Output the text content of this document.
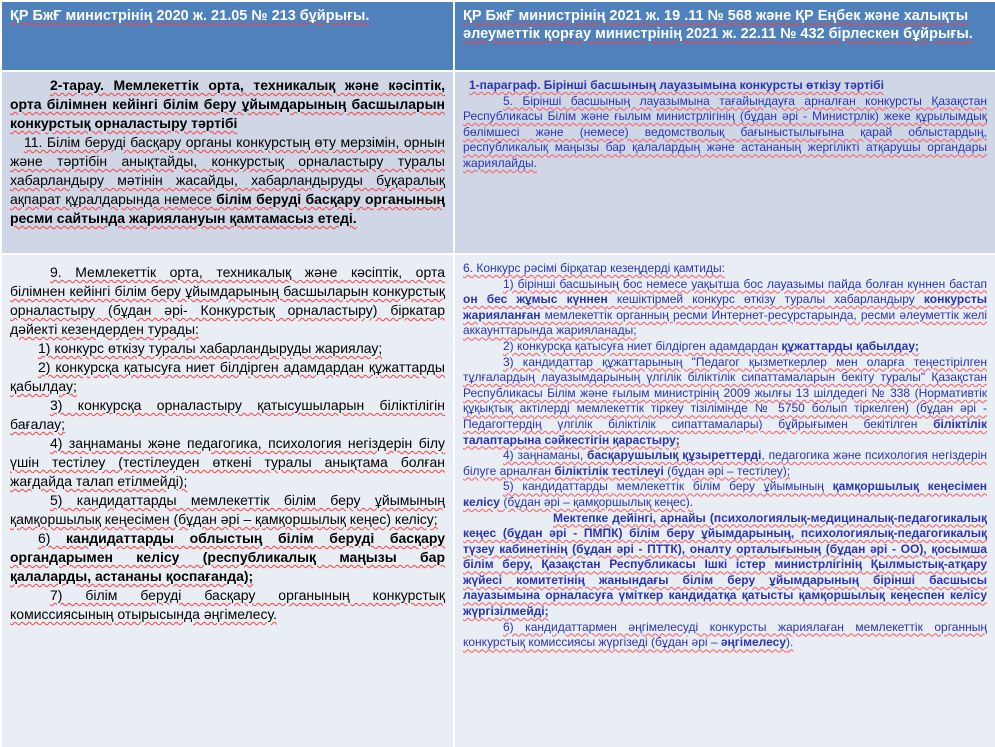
ҚР БжҒ министрінің 2020 ж. 21.05 № 213 бұйрығы.	ҚР БжҒ министрінің 2021 ж. 19 .11 № 568 және ҚР Еңбек және халықты әлеуметтік қорғау министрінің 2021 ж. 22.11 № 432 бірлескен бұйрығы.

2-тарау. Мемлекеттік орта, техникалық және кәсіптік, орта білімнен кейінгі білім беру ұйымдарының басшыларын конкурстық орналастыру тәртібі

11. Білім беруді басқару органы конкурстың өту мерзімін, орнын және тәртібін анықтайды, конкурстық орналастыру туралы хабарландыру мәтінін жасайды, хабарландыруды бұқаралық ақпарат құралдарында немесе білім беруді басқару органының ресми сайтында жариялануын қамтамасыз етеді.

1-параграф. Бірінші басшының лауазымына конкурсты өткізу тәртібі

5. Бірінші басшының лауазымына тағайындауға арналған конкурсты Қазақстан Республикасы Білім және ғылым министрлігінің (бұдан әрі - Министрлік) жеке құрылымдық бөлімшесі және (немесе) ведомстволық бағыныстылығына қарай облыстардың, республикалық маңызы бар қалалардың және астананың жергілікті атқарушы органдары жариялайды.

9. Мемлекеттік орта, техникалық және кәсіптік, орта білімнен кейінгі білім беру ұйымдарының басшыларын конкурстық орналастыру (бұдан әрі- Конкурстық орналастыру) біркатар дәйекті кезендерден турады:

1) конкурс өткізу туралы хабарландыруды жариялау;

2) конкурсқа қатысуға ниет білдірген адамдардан құжаттарды қабылдау;

3) конкурсқа орналастыру қатысушыларын біліктілігін бағалау;

4) заңнаманы және педагогика, психология негіздерін білу үшін тестілеу (тестілеуден өткені туралы анықтама болған жағдайда талап етілмейді);

5) кандидаттарды мемлекеттік білім беру ұйымының қамқоршылық кеңесімен (бұдан әрі – қамқоршылық кеңес) келісу;

6) кандидаттарды облыстың білім беруді басқару органдарымен келісу (республикалық маңызы бар қалаларды, астананы қоспағанда);

7) білім беруді басқару органының конкурстық комиссиясының отырысында әңгімелесу.

6. Конкурс рәсімі бірқатар кезеңдерді қамтиды:

1) бірінші басшының бос немесе уақытша бос лауазымы пайда болған күннен бастап он бес жұмыс күннен кешіктірмей конкурс өткізу туралы хабарландыру конкурсты жарияланған мемлекеттік органның ресми Интернет-ресурстарында, ресми әлеуметтік желі аккаунттарында жарияланады;

2) конкурсқа қатысуға ниет білдірген адамдардан құжаттарды қабылдау;

3) кандидаттар құжаттарының "Педагог қызметкерлер мен оларға теңестірілген тұлғалардың лауазымдарының үлгілік біліктілік сипаттамаларын бекіту туралы" Қазақстан Республикасы Білім және ғылым министрінің 2009 жылғы 13 шілдедегі № 338 (Нормативтік құқықтық актілерді мемлекеттік тіркеу тізілімінде № 5750 болып тіркелген) (бұдан әрі - Педагогтердің үлгілік біліктілік сипаттамалары) бұйрығымен бекітілген біліктілік талаптарына сәйкестігін қарастыру;

4) заңнаманы, басқарушылық құзыреттерді, педагогика және психология негіздерін білуге арналған біліктілік тестілеуі (бұдан әрі – тестілеу);

5) кандидаттарды мемлекеттік білім беру ұйымының қамқоршылық кеңесімен келісу (бұдан әрі – қамқоршылық кеңес).

Мектепке дейінгі, арнайы (психологиялық-медициналық-педагогикалық кеңес (бұдан әрі - ПМПК) білім беру ұйымдарының, психологиялық-педагогикалық түзеу кабинетінің (бұдан әрі - ПТТК), оналту орталығының (бұдан әрі - ОО), қосымша білім беру, Қазақстан Республикасы Ішкі істер министрлігінің Қылмыстық-атқару жүйесі комитетінің жанындағы білім беру ұйымдарының бірінші басшысы лауазымына орналасуға үміткер кандидатқа қатысты қамқоршылық кеңеспен келісу жүргізілмейді;

6) кандидаттармен әңгімелесуді конкурсты жариялаған мемлекеттік органның конкурстық комиссиясы жүргізеді (бұдан әрі – әңгімелесу).
